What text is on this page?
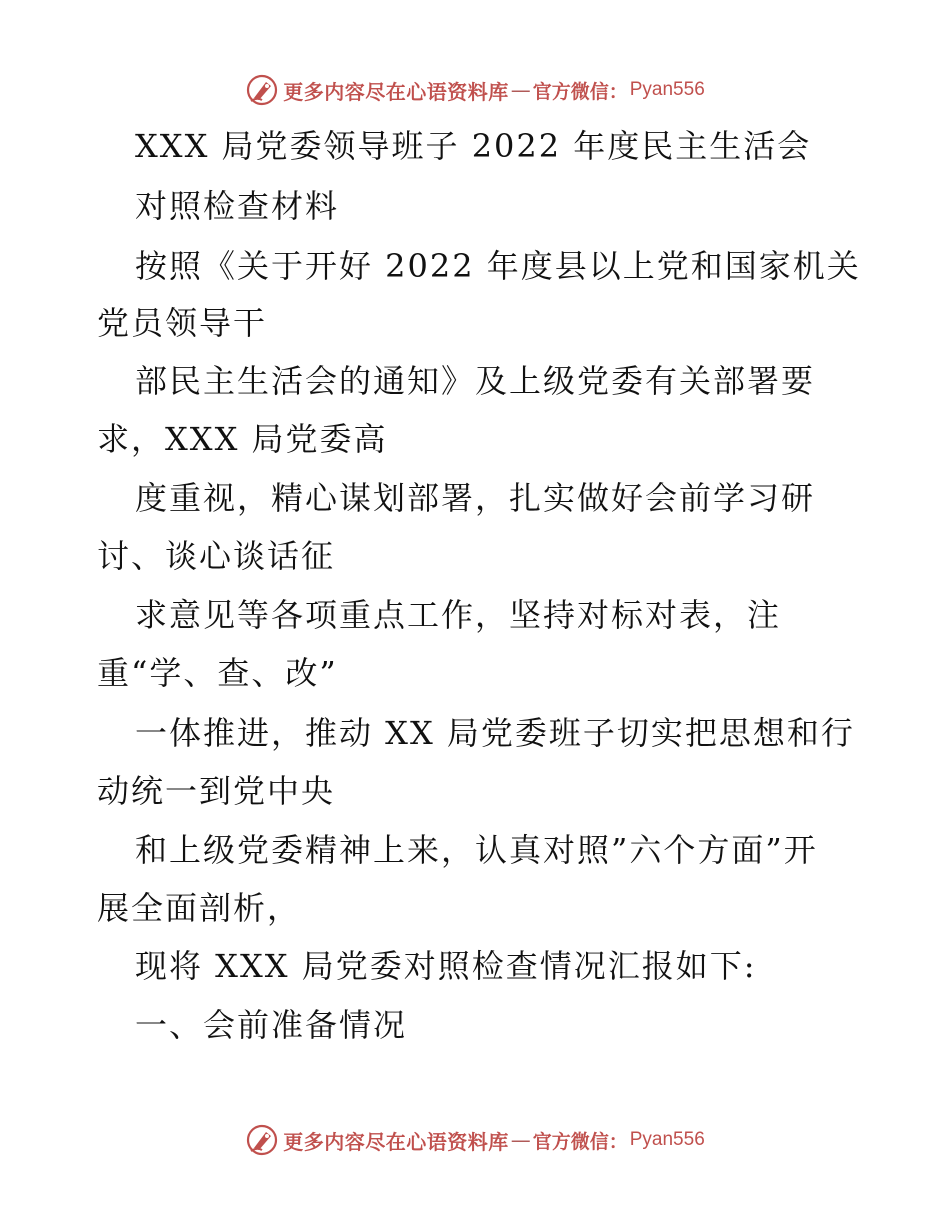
更多内容尽在心语资料库 — 官方微信： Pyan556
XXX 局党委领导班子 2022 年度民主生活会
对照检查材料
按照《关于开好 2022 年度县以上党和国家机关
党员领导干
部民主生活会的通知》及上级党委有关部署要
求，XXX 局党委高
度重视，精心谋划部署，扎实做好会前学习研
讨、谈心谈话征
求意见等各项重点工作，坚持对标对表，注
重“学、查、改”
一体推进，推动 XX 局党委班子切实把思想和行
动统一到党中央
和上级党委精神上来，认真对照”六个方面”开
展全面剖析，
现将 XXX 局党委对照检查情况汇报如下:
一、会前准备情况
更多内容尽在心语资料库 — 官方微信： Pyan556
